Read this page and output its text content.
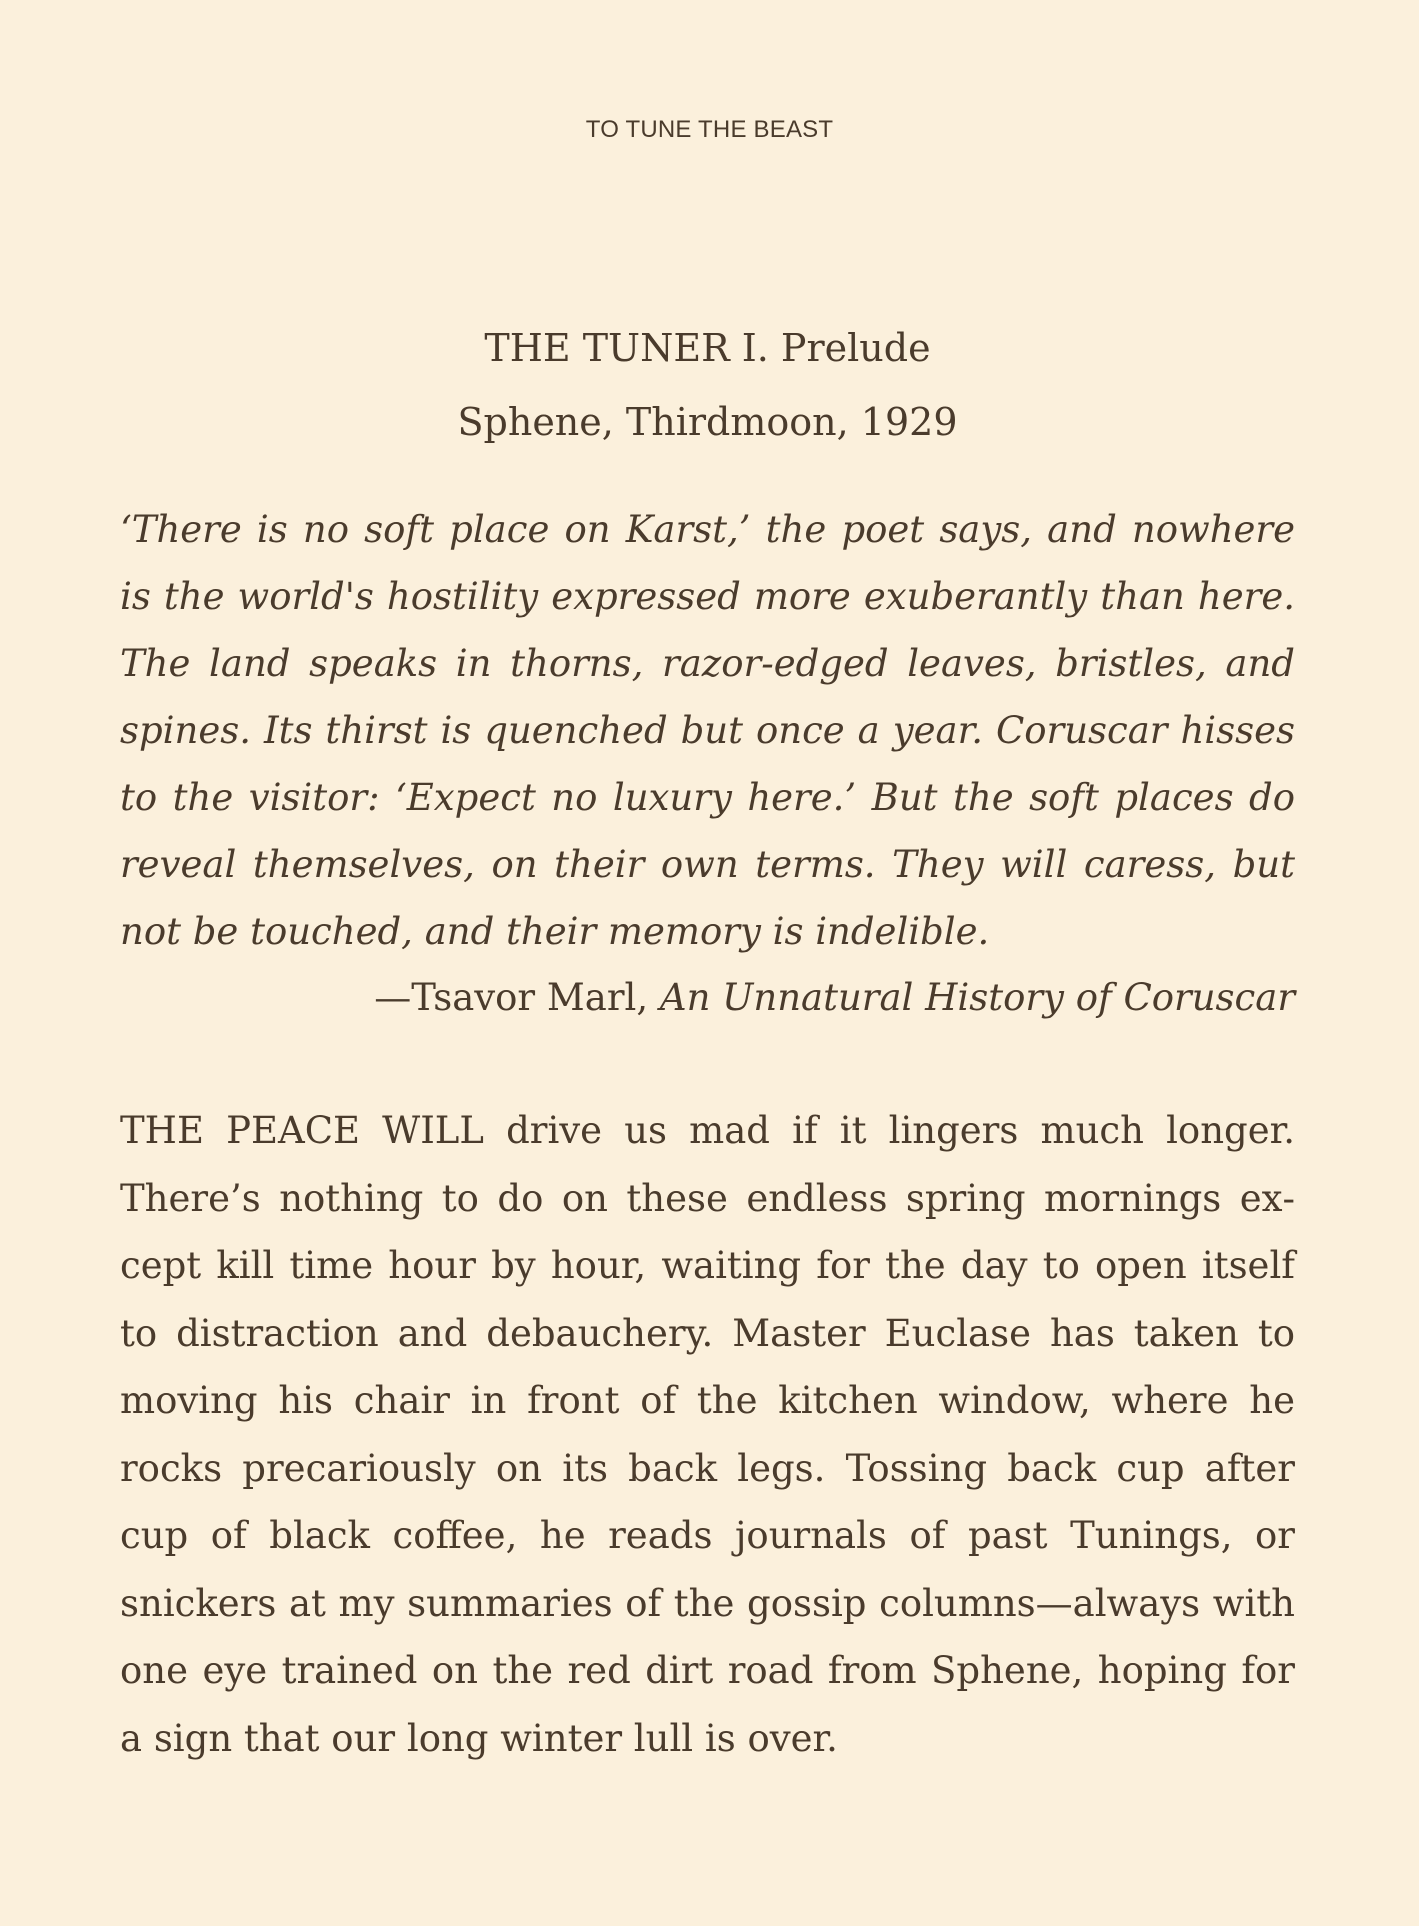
TO TUNE THE BEAST
THE TUNER I. Prelude

Sphene, Thirdmoon, 1929

‘There is no soft place on Karst,’ the poet says, and nowhere is the world's hostility expressed more exuberantly than here. The land speaks in thorns, razor-edged leaves, bristles, and spines. Its thirst is quenched but once a year. Coruscar hisses to the visitor: ‘Expect no luxury here.’ But the soft places do reveal themselves, on their own terms. They will caress, but not be touched, and their memory is indelible.

—Tsavor Marl, An Unnatural History of Coruscar

THE PEACE WILL drive us mad if it lingers much longer. There’s nothing to do on these endless spring mornings except kill time hour by hour, waiting for the day to open itself to distraction and debauchery. Master Euclase has taken to moving his chair in front of the kitchen window, where he rocks precariously on its back legs. Tossing back cup after cup of black coffee, he reads journals of past Tunings, or snickers at my summaries of the gossip columns—always with one eye trained on the red dirt road from Sphene, hoping for a sign that our long winter lull is over.
